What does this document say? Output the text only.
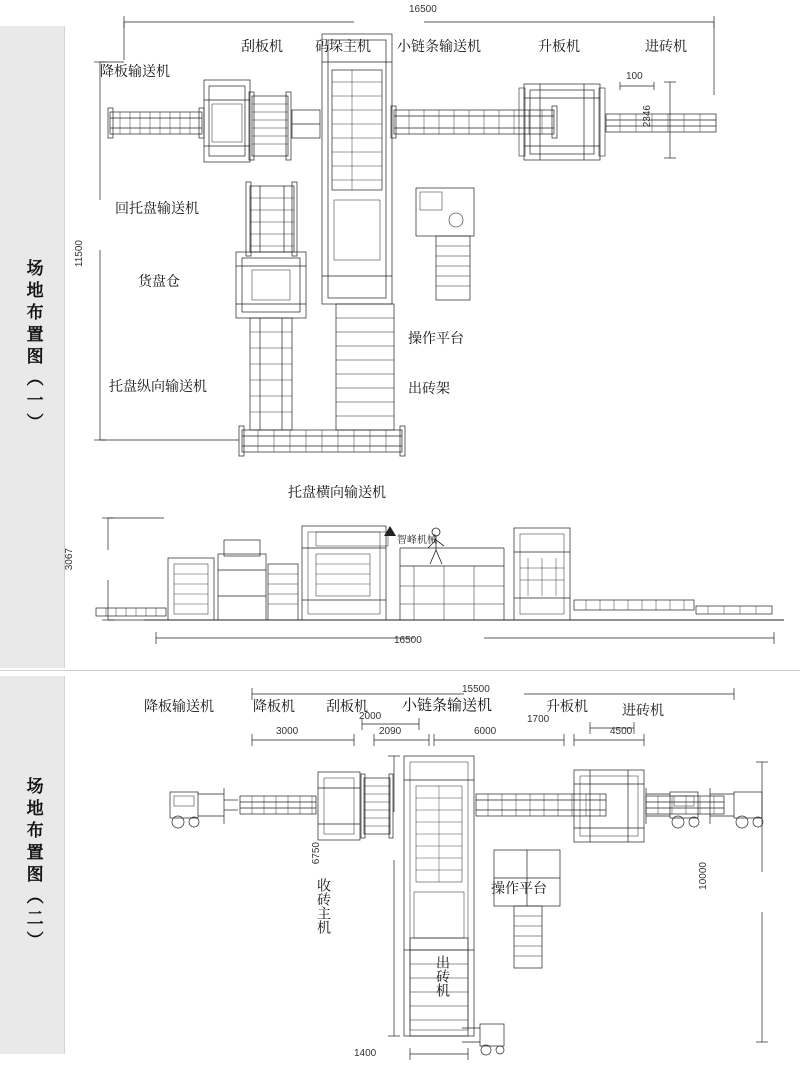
场地布置图（一）
场地布置图（二）
16500
11500
100
2346
刮板机 码垛主机 小链条输送机	升板机	进砖机
降板输送机
回托盘输送机
货盘仓
托盘纵向输送机
操作平台
出砖架
托盘横向输送机
3067
16500
智峰机械
15500
3000
2000
2090	6000
1700
4500
6750
10000
1400
降板输送机	降板机 刮板机 小链条输送机	升板机 进砖机
操作平台
收砖主机
出砖机
